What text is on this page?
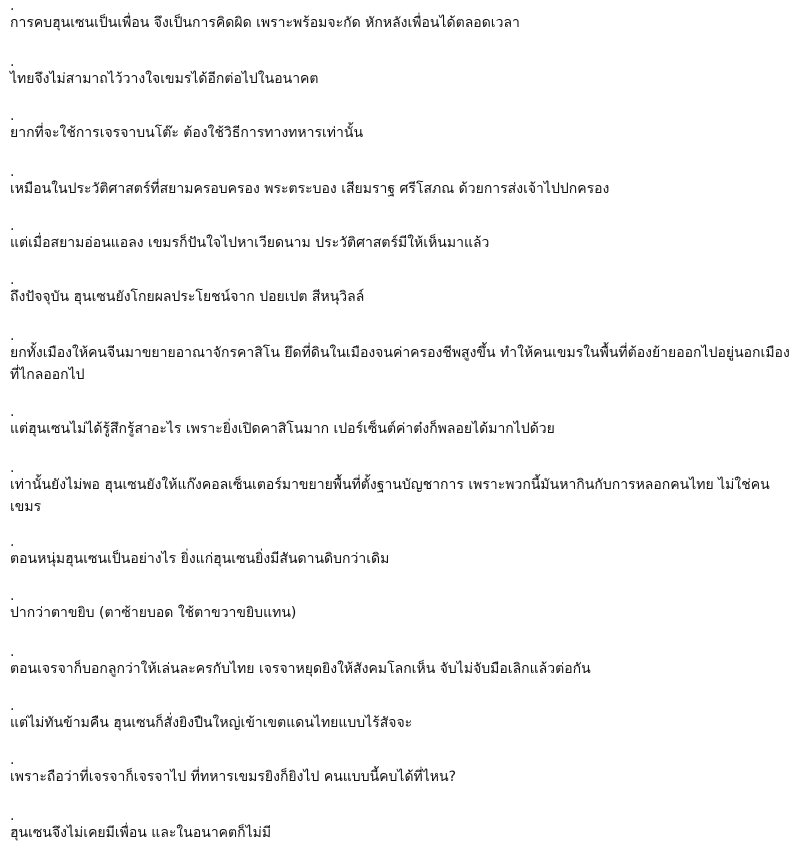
.
การคบฮุนเซนเป็นเพื่อน จึงเป็นการคิดผิด เพราะพร้อมจะกัด หักหลังเพื่อนได้ตลอดเวลา
.
ไทยจึงไม่สามาถไว้วางใจเขมรได้อีกต่อไปในอนาคต
.
ยากที่จะใช้การเจรจาบนโต๊ะ ต้องใช้วิธีการทางทหารเท่านั้น
.
เหมือนในประวัติศาสตร์ที่สยามครอบครอง พระตระบอง เสียมราฐ ศรีโสภณ ด้วยการส่งเจ้าไปปกครอง
.
แต่เมื่อสยามอ่อนแอลง เขมรก็ปันใจไปหาเวียดนาม ประวัติศาสตร์มีให้เห็นมาแล้ว
.
ถึงปัจจุบัน ฮุนเซนยังโกยผลประโยชน์จาก ปอยเปต สีหนุวิลล์
.
ยกทั้งเมืองให้คนจีนมาขยายอาณาจักรคาสิโน ยึดที่ดินในเมืองจนค่าครองชีพสูงขึ้น ทำให้คนเขมรในพื้นที่ต้องย้ายออกไปอยู่นอกเมืองที่ไกลออกไป
.
แต่ฮุนเซนไม่ได้รู้สึกรู้สาอะไร เพราะยิ่งเปิดคาสิโนมาก เปอร์เซ็นต์ค่าต๋งก็พลอยได้มากไปด้วย
.
เท่านั้นยังไม่พอ ฮุนเซนยังให้แก๊งคอลเซ็นเตอร์มาขยายพื้นที่ตั้งฐานบัญชาการ เพราะพวกนี้มันหากินกับการหลอกคนไทย ไม่ใช่คนเขมร
.
ตอนหนุ่มฮุนเซนเป็นอย่างไร ยิ่งแก่ฮุนเซนยิ่งมีสันดานดิบกว่าเดิม
.
ปากว่าตาขยิบ (ตาซ้ายบอด ใช้ตาขวาขยิบแทน)
.
ตอนเจรจาก็บอกลูกว่าให้เล่นละครกับไทย เจรจาหยุดยิงให้สังคมโลกเห็น จับไม่จับมือเลิกแล้วต่อกัน
.
แต่ไม่ทันข้ามคืน ฮุนเซนก็สั่งยิงปืนใหญ่เข้าเขตแดนไทยแบบไร้สัจจะ
.
เพราะถือว่าที่เจรจาก็เจรจาไป ที่ทหารเขมรยิงก็ยิงไป คนแบบนี้คบได้ที่ไหน?
.
ฮุนเซนจึงไม่เคยมีเพื่อน และในอนาคตก็ไม่มี
